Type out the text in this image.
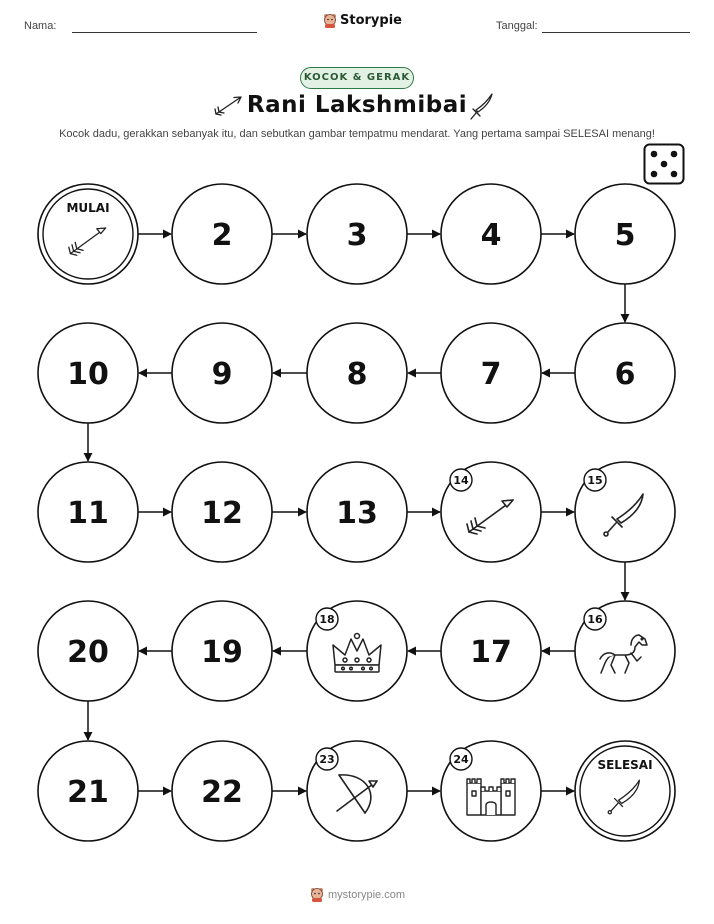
Nama:	Storypie	Tanggal:
KOCOK & GERAK
Rani Lakshmibai
Kocok dadu, gerakkan sebanyak itu, dan sebutkan gambar tempatmu mendarat. Yang pertama sampai SELESAI menang!
MULAI
2	3	4	5
6
7
8
9
10
11	12	13
14	15
16
17
18
19
20
21	22
23	24	SELESAI
mystorypie.com
